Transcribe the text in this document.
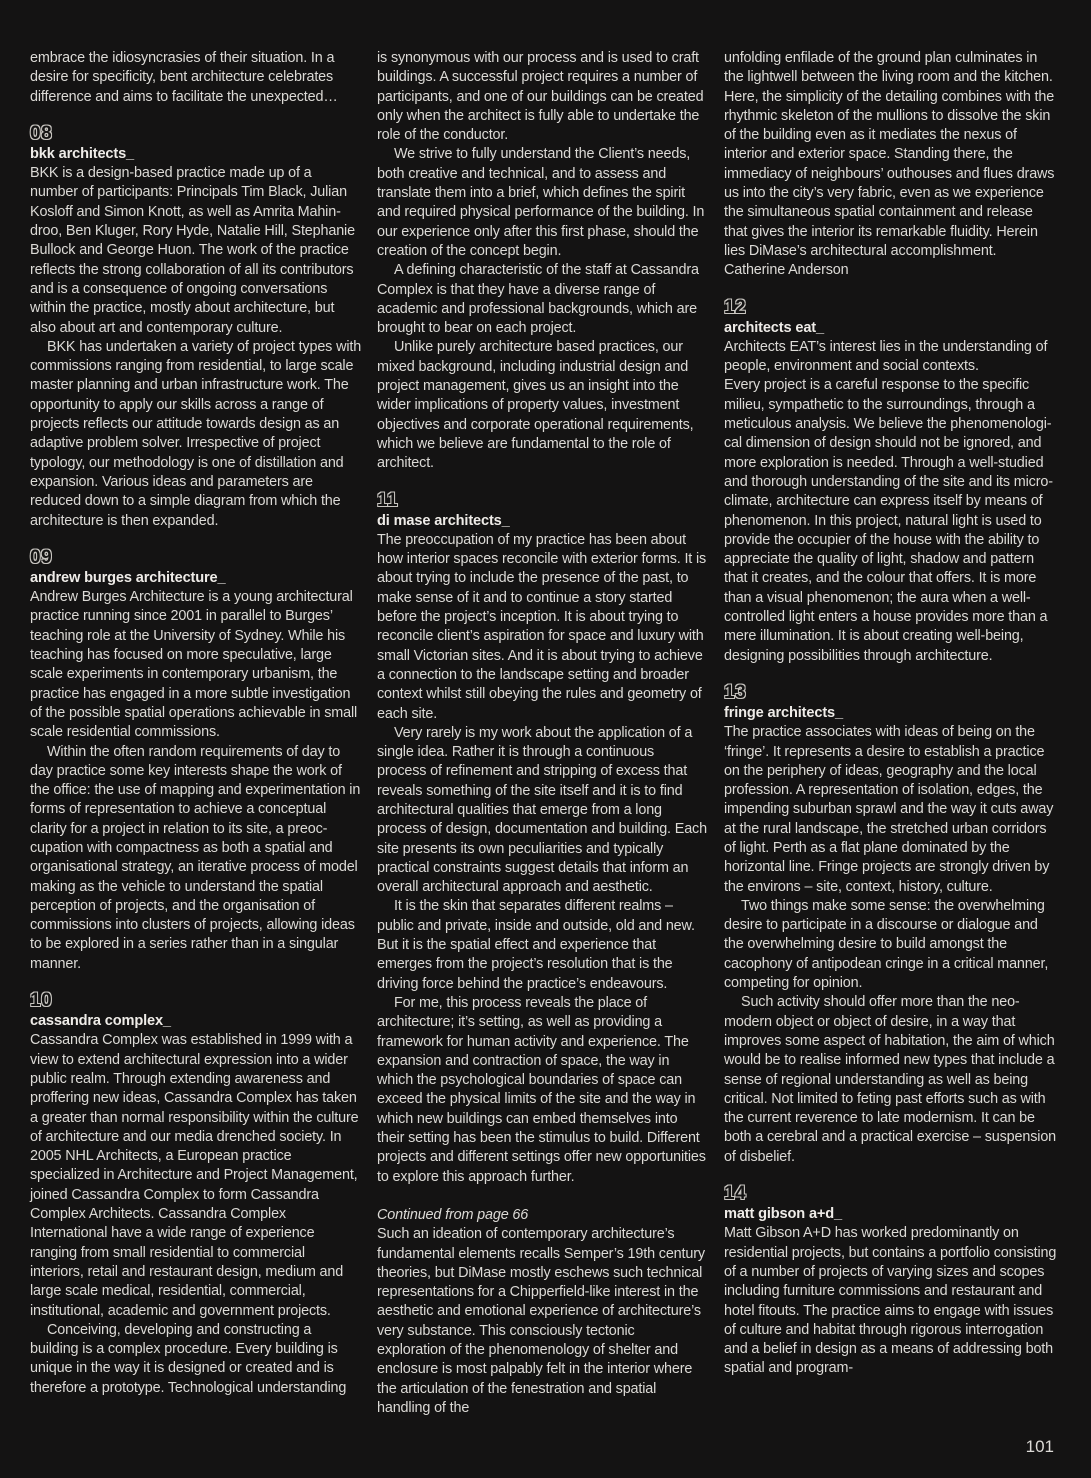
embrace the idiosyncrasies of their situation. In a desire for specificity, bent architecture celebrates difference and aims to facilitate the unexpected…

08
bkk architects_

BKK is a design-based practice made up of a number of participants: Principals Tim Black, Julian Kosloff and Simon Knott, as well as Amrita Mahindroo, Ben Kluger, Rory Hyde, Natalie Hill, Stephanie Bullock and George Huon. The work of the practice reflects the strong collaboration of all its contributors and is a consequence of ongoing conversations within the practice, mostly about architecture, but also about art and contemporary culture.

BKK has undertaken a variety of project types with commissions ranging from residential, to large scale master planning and urban infrastructure work. The opportunity to apply our skills across a range of projects reflects our attitude towards design as an adaptive problem solver. Irrespective of project typology, our methodology is one of distillation and expansion. Various ideas and parameters are reduced down to a simple diagram from which the architecture is then expanded.

09
andrew burges architecture_

Andrew Burges Architecture is a young architectural practice running since 2001 in parallel to Burges’ teaching role at the University of Sydney. While his teaching has focused on more speculative, large scale experiments in contemporary urbanism, the practice has engaged in a more subtle investigation of the possible spatial operations achievable in small scale residential commissions.

Within the often random requirements of day to day practice some key interests shape the work of the office: the use of mapping and experimentation in forms of representation to achieve a conceptual clarity for a project in relation to its site, a preoccupation with compactness as both a spatial and organisational strategy, an iterative process of model making as the vehicle to understand the spatial perception of projects, and the organisation of commissions into clusters of projects, allowing ideas to be explored in a series rather than in a singular manner.

10
cassandra complex_

Cassandra Complex was established in 1999 with a view to extend architectural expression into a wider public realm. Through extending awareness and proffering new ideas, Cassandra Complex has taken a greater than normal responsibility within the culture of architecture and our media drenched society. In 2005 NHL Architects, a European practice specialized in Architecture and Project Management, joined Cassandra Complex to form Cassandra Complex Architects. Cassandra Complex International have a wide range of experience ranging from small residential to commercial interiors, retail and restaurant design, medium and large scale medical, residential, commercial, institutional, academic and government projects.

Conceiving, developing and constructing a building is a complex procedure. Every building is unique in the way it is designed or created and is therefore a prototype. Technological understanding

is synonymous with our process and is used to craft buildings. A successful project requires a number of participants, and one of our buildings can be created only when the architect is fully able to undertake the role of the conductor.

We strive to fully understand the Client’s needs, both creative and technical, and to assess and translate them into a brief, which defines the spirit and required physical performance of the building. In our experience only after this first phase, should the creation of the concept begin.

A defining characteristic of the staff at Cassandra Complex is that they have a diverse range of academic and professional backgrounds, which are brought to bear on each project.

Unlike purely architecture based practices, our mixed background, including industrial design and project management, gives us an insight into the wider implications of property values, investment objectives and corporate operational requirements, which we believe are fundamental to the role of architect.

11
di mase architects_

The preoccupation of my practice has been about how interior spaces reconcile with exterior forms. It is about trying to include the presence of the past, to make sense of it and to continue a story started before the project’s inception. It is about trying to reconcile client’s aspiration for space and luxury with small Victorian sites. And it is about trying to achieve a connection to the landscape setting and broader context whilst still obeying the rules and geometry of each site.

Very rarely is my work about the application of a single idea. Rather it is through a continuous process of refinement and stripping of excess that reveals something of the site itself and it is to find architectural qualities that emerge from a long process of design, documentation and building. Each site presents its own peculiarities and typically practical constraints suggest details that inform an overall architectural approach and aesthetic.

It is the skin that separates different realms – public and private, inside and outside, old and new. But it is the spatial effect and experience that emerges from the project’s resolution that is the driving force behind the practice’s endeavours.

For me, this process reveals the place of architecture; it’s setting, as well as providing a framework for human activity and experience. The expansion and contraction of space, the way in which the psychological boundaries of space can exceed the physical limits of the site and the way in which new buildings can embed themselves into their setting has been the stimulus to build. Different projects and different settings offer new opportunities to explore this approach further.

Continued from page 66

Such an ideation of contemporary architecture’s fundamental elements recalls Semper’s 19th century theories, but DiMase mostly eschews such technical representations for a Chipperfield-like interest in the aesthetic and emotional experience of architecture’s very substance. This consciously tectonic exploration of the phenomenology of shelter and enclosure is most palpably felt in the interior where the articulation of the fenestration and spatial handling of the

unfolding enfilade of the ground plan culminates in the lightwell between the living room and the kitchen. Here, the simplicity of the detailing combines with the rhythmic skeleton of the mullions to dissolve the skin of the building even as it mediates the nexus of interior and exterior space. Standing there, the immediacy of neighbours’ outhouses and flues draws us into the city’s very fabric, even as we experience the simultaneous spatial containment and release that gives the interior its remarkable fluidity. Herein lies DiMase’s architectural accomplishment.

Catherine Anderson

12
architects eat_

Architects EAT’s interest lies in the understanding of people, environment and social contexts.

Every project is a careful response to the specific milieu, sympathetic to the surroundings, through a meticulous analysis. We believe the phenomenological dimension of design should not be ignored, and more exploration is needed. Through a well-studied and thorough understanding of the site and its micro-climate, architecture can express itself by means of phenomenon. In this project, natural light is used to provide the occupier of the house with the ability to appreciate the quality of light, shadow and pattern that it creates, and the colour that offers. It is more than a visual phenomenon; the aura when a well-controlled light enters a house provides more than a mere illumination. It is about creating well-being, designing possibilities through architecture.

13
fringe architects_

The practice associates with ideas of being on the ‘fringe’. It represents a desire to establish a practice on the periphery of ideas, geography and the local profession. A representation of isolation, edges, the impending suburban sprawl and the way it cuts away at the rural landscape, the stretched urban corridors of light. Perth as a flat plane dominated by the horizontal line. Fringe projects are strongly driven by the environs – site, context, history, culture.

Two things make some sense: the overwhelming desire to participate in a discourse or dialogue and the overwhelming desire to build amongst the cacophony of antipodean cringe in a critical manner, competing for opinion.

Such activity should offer more than the neo-modern object or object of desire, in a way that improves some aspect of habitation, the aim of which would be to realise informed new types that include a sense of regional understanding as well as being critical. Not limited to feting past efforts such as with the current reverence to late modernism. It can be both a cerebral and a practical exercise – suspension of disbelief.

14
matt gibson a+d_

Matt Gibson A+D has worked predominantly on residential projects, but contains a portfolio consisting of a number of projects of varying sizes and scopes including furniture commissions and restaurant and hotel fitouts. The practice aims to engage with issues of culture and habitat through rigorous interrogation and a belief in design as a means of addressing both spatial and program-

101
